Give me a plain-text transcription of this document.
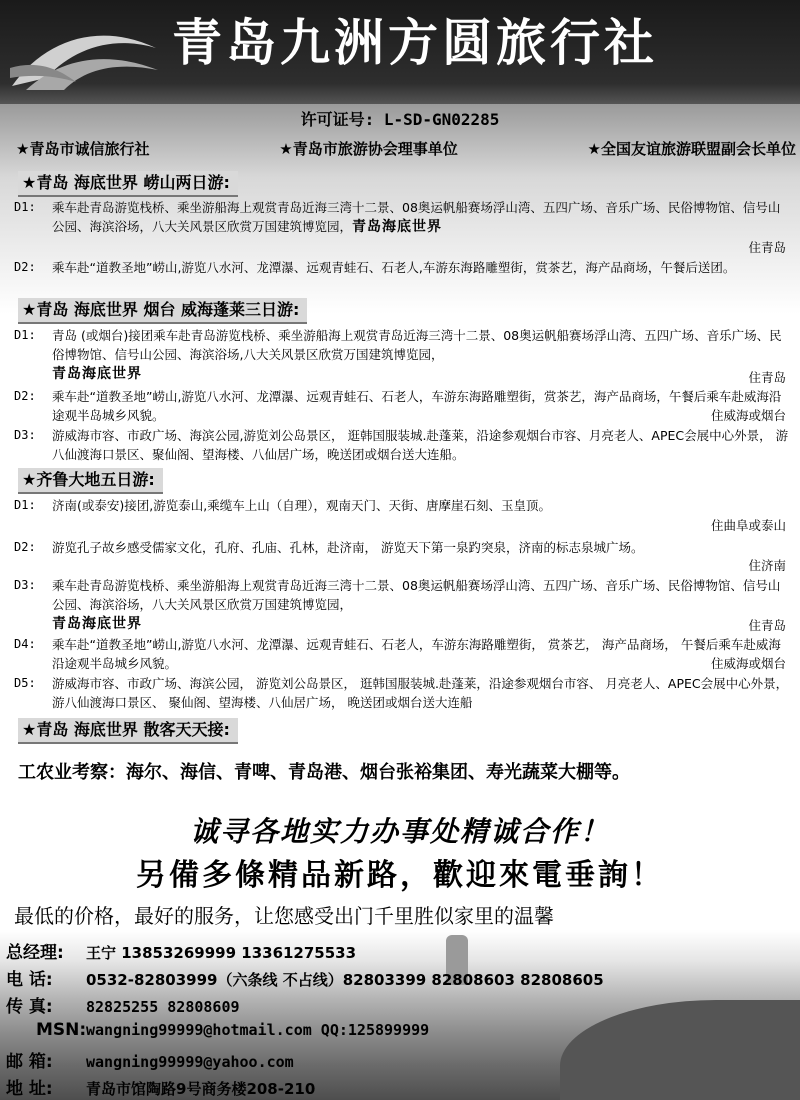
青岛九洲方圆旅行社
许可证号: L-SD-GN02285
★青岛市诚信旅行社	★青岛市旅游协会理事单位	★全国友谊旅游联盟副会长单位
★青岛 海底世界 崂山两日游:
D1: 乘车赴青岛游览栈桥、乘坐游船海上观赏青岛近海三湾十二景、08奥运帆船赛场浮山湾、五四广场、音乐广场、民俗博物馆、信号山公园、海滨浴场，八大关风景区欣赏万国建筑博览园，青岛海底世界
住青岛
D2: 乘车赴“道教圣地”崂山,游览八水河、龙潭瀑、远观青蛙石、石老人,车游东海路雕塑街，赏茶艺，海产品商场，午餐后送团。
★青岛 海底世界 烟台 威海蓬莱三日游:
D1: 青岛 (或烟台)接团乘车赴青岛游览栈桥、乘坐游船海上观赏青岛近海三湾十二景、08奥运帆船赛场浮山湾、五四广场、音乐广场、民俗博物馆、信号山公园、海滨浴场,八大关风景区欣赏万国建筑博览园，
青岛海底世界	住青岛
D2: 乘车赴“道教圣地”崂山,游览八水河、龙潭瀑、远观青蛙石、石老人，车游东海路雕塑街，赏茶艺，海产品商场，午餐后乘车赴威海沿途观半岛城乡风貌。	住威海或烟台
D3: 游威海市容、市政广场、海滨公园,游览刘公岛景区， 逛韩国服装城.赴蓬莱，沿途参观烟台市容、月亮老人、APEC会展中心外景， 游八仙渡海口景区、聚仙阁、望海楼、八仙居广场，晚送团或烟台送大连船。
★齐鲁大地五日游:
D1: 济南(或泰安)接团,游览泰山,乘缆车上山（自理），观南天门、天街、唐摩崖石刻、玉皇顶。
住曲阜或泰山
D2: 游览孔子故乡感受儒家文化，孔府、孔庙、孔林，赴济南， 游览天下第一泉趵突泉，济南的标志泉城广场。
住济南
D3: 乘车赴青岛游览栈桥、乘坐游船海上观赏青岛近海三湾十二景、08奥运帆船赛场浮山湾、五四广场、音乐广场、民俗博物馆、信号山公园、海滨浴场，八大关风景区欣赏万国建筑博览园，
青岛海底世界	住青岛
D4: 乘车赴“道教圣地”崂山,游览八水河、龙潭瀑、远观青蛙石、石老人，车游东海路雕塑街， 赏茶艺， 海产品商场， 午餐后乘车赴威海沿途观半岛城乡风貌。	住威海或烟台
D5: 游威海市容、市政广场、海滨公园， 游览刘公岛景区， 逛韩国服装城.赴蓬莱，沿途参观烟台市容、 月亮老人、APEC会展中心外景， 游八仙渡海口景区、 聚仙阁、望海楼、八仙居广场， 晚送团或烟台送大连船
★青岛 海底世界 散客天天接:
工农业考察：海尔、海信、青啤、青岛港、烟台张裕集团、寿光蔬菜大棚等。
诚寻各地实力办事处精诚合作！
另備多條精品新路，歡迎來電垂詢！
最低的价格，最好的服务，让您感受出门千里胜似家里的温馨
总经理: 王宁 13853269999 13361275533
电 话: 0532-82803999（六条线 不占线）82803399 82808603 82808605
传 真: 82825255 82808609
MSN:wangning99999@hotmail.com QQ:125899999
邮 箱: wangning99999@yahoo.com
地 址: 青岛市馆陶路9号商务楼208-210
